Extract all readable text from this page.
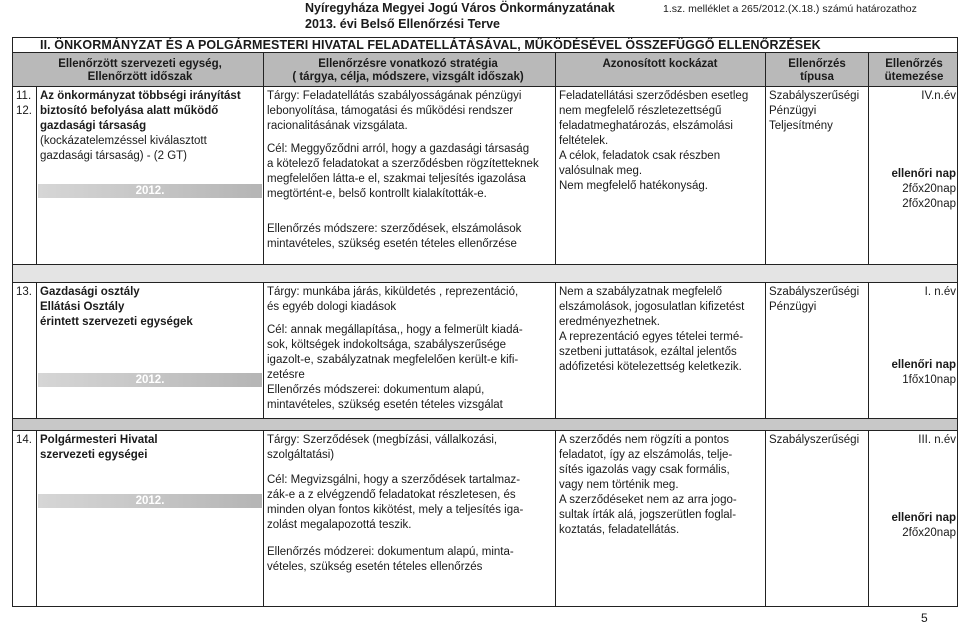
Nyíregyháza Megyei Jogú Város Önkormányzatának
2013. évi Belső Ellenőrzési Terve
1.sz. melléklet a 265/2012.(X.18.) számú határozathoz
II. ÖNKORMÁNYZAT ÉS A POLGÁRMESTERI HIVATAL FELADATELLÁTÁSÁVAL, MŰKÖDÉSÉVEL ÖSSZEFÜGGŐ ELLENŐRZÉSEK
Ellenőrzött szervezeti egység,
Ellenőrzött időszak
Ellenőrzésre vonatkozó stratégia
( tárgya, célja, módszere, vizsgált időszak)
Azonosított kockázat	Ellenőrzés
típusa
Ellenőrzés
ütemezése
11.
12.
Az önkormányzat többségi irányítást
biztosító befolyása alatt működő
gazdasági társaság
(kockázatelemzéssel kiválasztott
gazdasági társaság) - (2 GT)
2012.
Tárgy: Feladatellátás szabályosságának pénzügyi
lebonyolítása, támogatási és működési rendszer
racionalitásának vizsgálata.
Cél: Meggyőződni arról, hogy a gazdasági társaság
a kötelező feladatokat a szerződésben rögzítetteknek
megfelelően látta-e el, szakmai teljesítés igazolása
megtörtént-e, belső kontrollt kialakították-e.
Ellenőrzés módszere: szerződések, elszámolások
mintavételes, szükség esetén tételes ellenőrzése
Feladatellátási szerződésben esetleg
nem megfelelő részletezettségű
feladatmeghatározás, elszámolási
feltételek.
A célok, feladatok csak részben
valósulnak meg.
Nem megfelelő hatékonyság.
Szabályszerűségi
Pénzügyi
Teljesítmény
IV.n.év
ellenőri nap
2főx20nap
2főx20nap
13. Gazdasági osztály
Ellátási Osztály
érintett szervezeti egységek
2012.
Tárgy: munkába járás, kiküldetés , reprezentáció,
és egyéb dologi kiadások
Cél: annak megállapítása,, hogy a felmerült kiadá-
sok, költségek indokoltsága, szabályszerűsége
igazolt-e, szabályzatnak megfelelően került-e kifi-
zetésre
Ellenőrzés módszerei: dokumentum alapú,
mintavételes, szükség esetén tételes vizsgálat
Nem a szabályzatnak megfelelő
elszámolások, jogosulatlan kifizetést
eredményezhetnek.
A reprezentáció egyes tételei termé-
szetbeni juttatások, ezáltal jelentős
adófizetési kötelezettség keletkezik.
Szabályszerűségi
Pénzügyi
I. n.év
ellenőri nap
1főx10nap
14. Polgármesteri Hivatal
szervezeti egységei
2012.
Tárgy: Szerződések (megbízási, vállalkozási,
szolgáltatási)
Cél: Megvizsgálni, hogy a szerződések tartalmaz-
zák-e a z elvégzendő feladatokat részletesen, és
minden olyan fontos kikötést, mely a teljesítés iga-
zolást megalapozottá teszik.
Ellenőrzés módzerei: dokumentum alapú, minta-
vételes, szükség esetén tételes ellenőrzés
A szerződés nem rögzíti a pontos
feladatot, így az elszámolás, telje-
sítés igazolás vagy csak formális,
vagy nem történik meg.
A szerződéseket nem az arra jogo-
sultak írták alá, jogszerütlen foglal-
koztatás, feladatellátás.
Szabályszerűségi	III. n.év
ellenőri nap
2főx20nap
5
